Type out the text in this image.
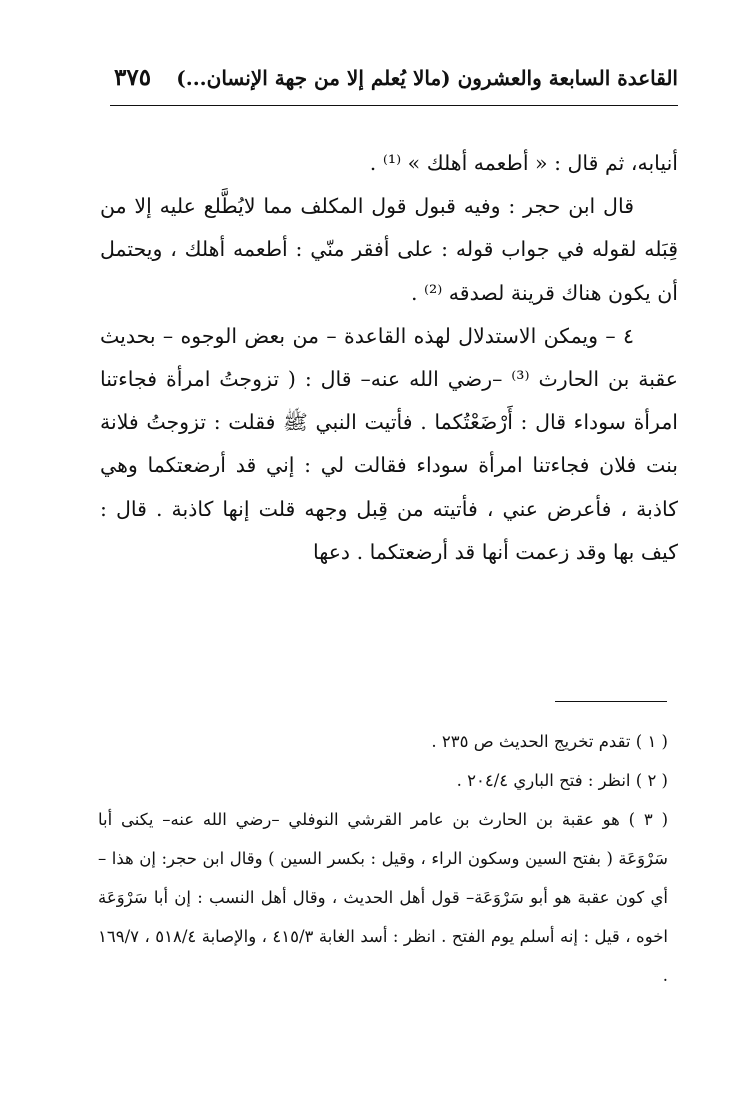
٣٧٥ القاعدة السابعة والعشرون (مالا يُعلم إلا من جهة الإنسان...)

أنيابه، ثم قال : « أطعمه أهلك » ⁽¹⁾ .

قال ابن حجر : وفيه قبول قول المكلف مما لايُطَّلع عليه إلا من قِبَله لقوله في جواب قوله : على أفقر منّي : أطعمه أهلك ، ويحتمل أن يكون هناك قرينة لصدقه ⁽²⁾ .

٤ – ويمكن الاستدلال لهذه القاعدة – من بعض الوجوه – بحديث عقبة بن الحارث ⁽³⁾ –رضي الله عنه– قال : ( تزوجتُ امرأة فجاءتنا امرأة سوداء قال : أَرْضَعْتُكما . فأتيت النبي ﷺ فقلت : تزوجتُ فلانة بنت فلان فجاءتنا امرأة سوداء فقالت لي : إني قد أرضعتكما وهي كاذبة ، فأعرض عني ، فأتيته من قِبل وجهه قلت إنها كاذبة . قال : كيف بها وقد زعمت أنها قد أرضعتكما . دعها

( ١ ) تقدم تخريج الحديث ص ٢٣٥ .

( ٢ ) انظر : فتح الباري ٢٠٤/٤ .

( ٣ ) هو عقبة بن الحارث بن عامر القرشي النوفلي –رضي الله عنه– يكنى أبا سَرْوَعَة ( بفتح السين وسكون الراء ، وقيل : بكسر السين ) وقال ابن حجر: إن هذا – أي كون عقبة هو أبو سَرْوَعَة– قول أهل الحديث ، وقال أهل النسب : إن أبا سَرْوَعَة اخوه ، قيل : إنه أسلم يوم الفتح . انظر : أسد الغابة ٤١٥/٣ ، والإصابة ٥١٨/٤ ، ١٦٩/٧ .
